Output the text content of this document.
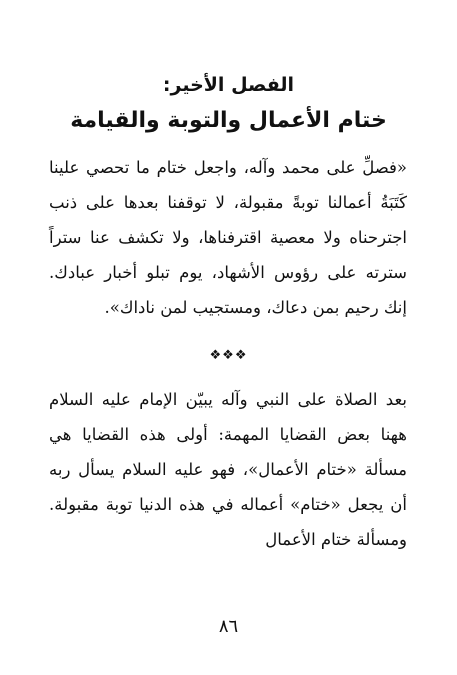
الفصل الأخير:
ختام الأعمال والتوبة والقيامة

«فصلِّ على محمد وآله، واجعل ختام ما تحصي علينا كَتَبَةُ أعمالنا توبةً مقبولة، لا توقفنا بعدها على ذنب اجترحناه ولا معصية اقترفناها، ولا تكشف عنا ستراً سترته على رؤوس الأشهاد، يوم تبلو أخبار عبادك. إنك رحيم بمن دعاك، ومستجيب لمن ناداك».

❖❖❖

بعد الصلاة على النبي وآله يبيّن الإمام عليه السلام ههنا بعض القضايا المهمة: أولى هذه القضايا هي مسألة «ختام الأعمال»، فهو عليه السلام يسأل ربه أن يجعل «ختام» أعماله في هذه الدنيا توبة مقبولة. ومسألة ختام الأعمال

٨٦
